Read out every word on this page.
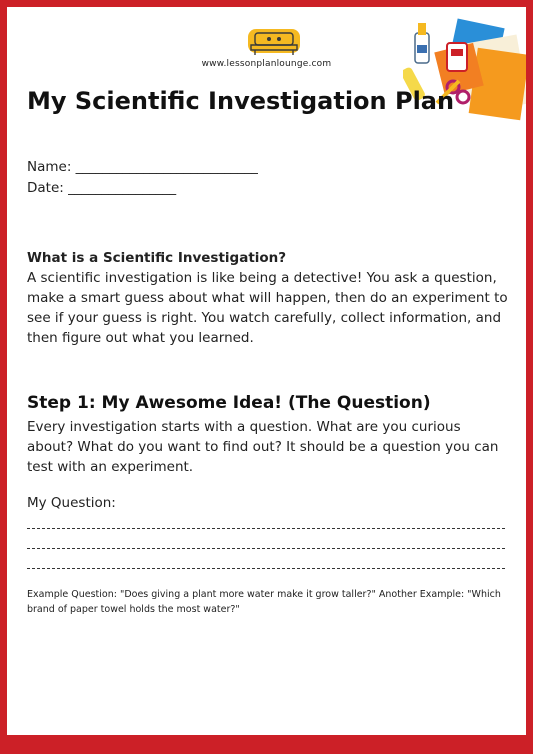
www.lessonplanlounge.com
My Scientific Investigation Plan
Name: ___________________________
Date: ________________
What is a Scientific Investigation?
A scientific investigation is like being a detective! You ask a question, make a smart guess about what will happen, then do an experiment to see if your guess is right. You watch carefully, collect information, and then figure out what you learned.
Step 1: My Awesome Idea! (The Question)
Every investigation starts with a question. What are you curious about? What do you want to find out? It should be a question you can test with an experiment.
My Question:
Example Question: "Does giving a plant more water make it grow taller?" Another Example: "Which brand of paper towel holds the most water?"
